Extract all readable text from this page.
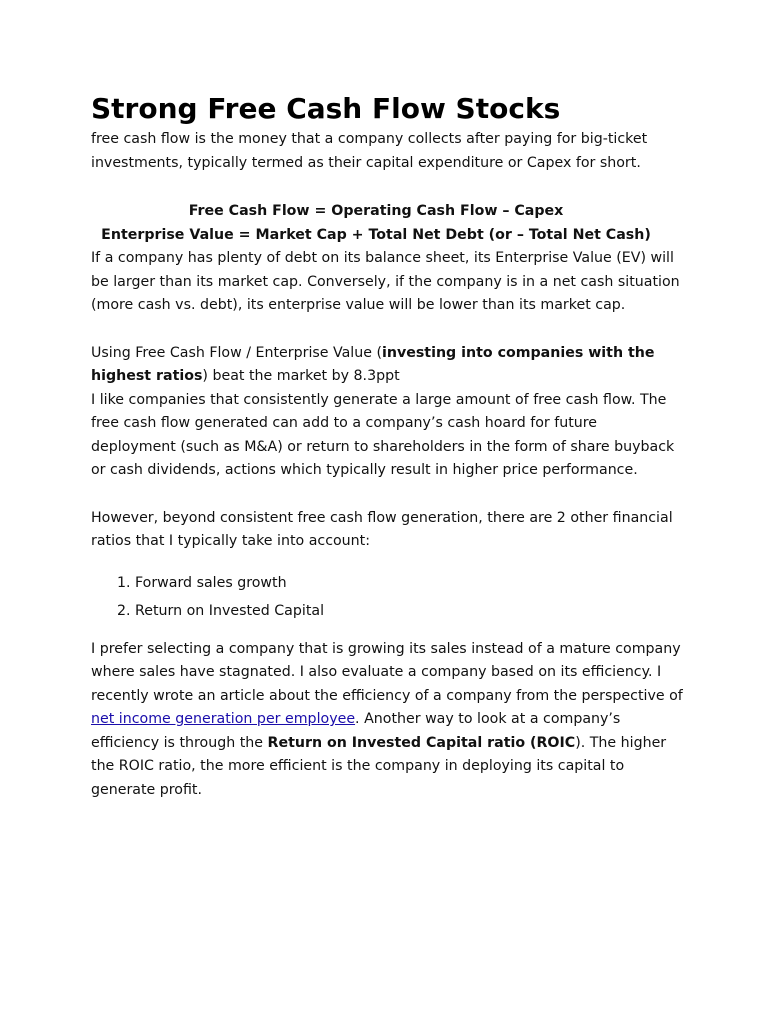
Strong Free Cash Flow Stocks

free cash flow is the money that a company collects after paying for big-ticket investments, typically termed as their capital expenditure or Capex for short.

Free Cash Flow = Operating Cash Flow – Capex
Enterprise Value = Market Cap + Total Net Debt (or – Total Net Cash)

If a company has plenty of debt on its balance sheet, its Enterprise Value (EV) will be larger than its market cap. Conversely, if the company is in a net cash situation (more cash vs. debt), its enterprise value will be lower than its market cap.

Using Free Cash Flow / Enterprise Value (investing into companies with the highest ratios) beat the market by 8.3ppt

I like companies that consistently generate a large amount of free cash flow. The free cash flow generated can add to a company’s cash hoard for future deployment (such as M&A) or return to shareholders in the form of share buyback or cash dividends, actions which typically result in higher price performance.

However, beyond consistent free cash flow generation, there are 2 other financial ratios that I typically take into account:

1. Forward sales growth
2. Return on Invested Capital

I prefer selecting a company that is growing its sales instead of a mature company where sales have stagnated. I also evaluate a company based on its efficiency. I recently wrote an article about the efficiency of a company from the perspective of net income generation per employee. Another way to look at a company’s efficiency is through the Return on Invested Capital ratio (ROIC). The higher the ROIC ratio, the more efficient is the company in deploying its capital to generate profit.
